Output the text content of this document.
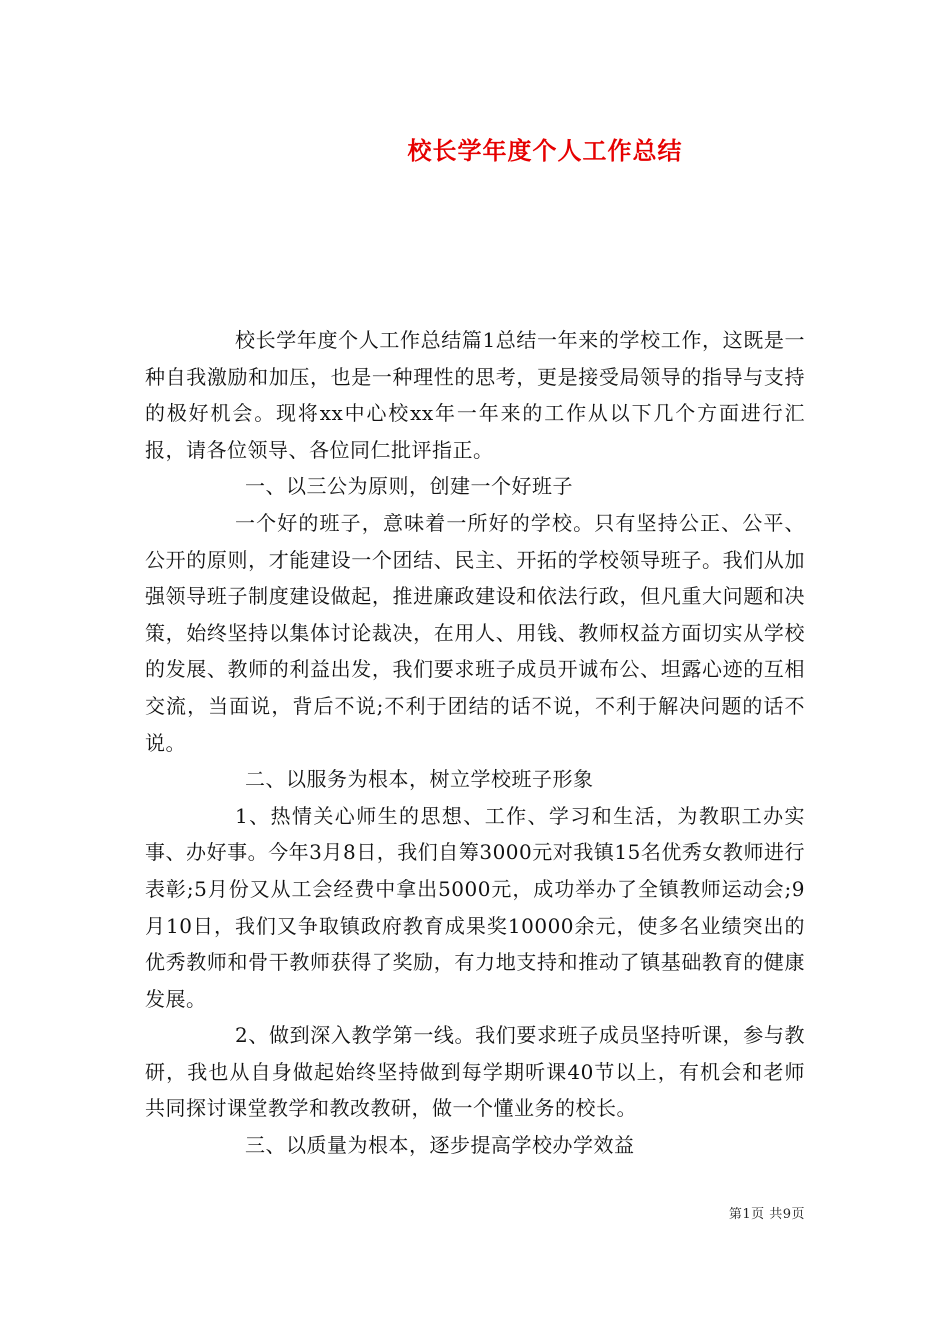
校长学年度个人工作总结

校长学年度个人工作总结篇1总结一年来的学校工作，这既是一种自我激励和加压，也是一种理性的思考，更是接受局领导的指导与支持的极好机会。现将xx中心校xx年一年来的工作从以下几个方面进行汇报，请各位领导、各位同仁批评指正。

一、以三公为原则，创建一个好班子

一个好的班子，意味着一所好的学校。只有坚持公正、公平、公开的原则，才能建设一个团结、民主、开拓的学校领导班子。我们从加强领导班子制度建设做起，推进廉政建设和依法行政，但凡重大问题和决策，始终坚持以集体讨论裁决，在用人、用钱、教师权益方面切实从学校的发展、教师的利益出发，我们要求班子成员开诚布公、坦露心迹的互相交流，当面说，背后不说;不利于团结的话不说，不利于解决问题的话不说。

二、以服务为根本，树立学校班子形象

1、热情关心师生的思想、工作、学习和生活，为教职工办实事、办好事。今年3月8日，我们自筹3000元对我镇15名优秀女教师进行表彰;5月份又从工会经费中拿出5000元，成功举办了全镇教师运动会;9月10日，我们又争取镇政府教育成果奖10000余元，使多名业绩突出的优秀教师和骨干教师获得了奖励，有力地支持和推动了镇基础教育的健康发展。

2、做到深入教学第一线。我们要求班子成员坚持听课，参与教研，我也从自身做起始终坚持做到每学期听课40节以上，有机会和老师共同探讨课堂教学和教改教研，做一个懂业务的校长。

三、以质量为根本，逐步提高学校办学效益

第1页 共9页
